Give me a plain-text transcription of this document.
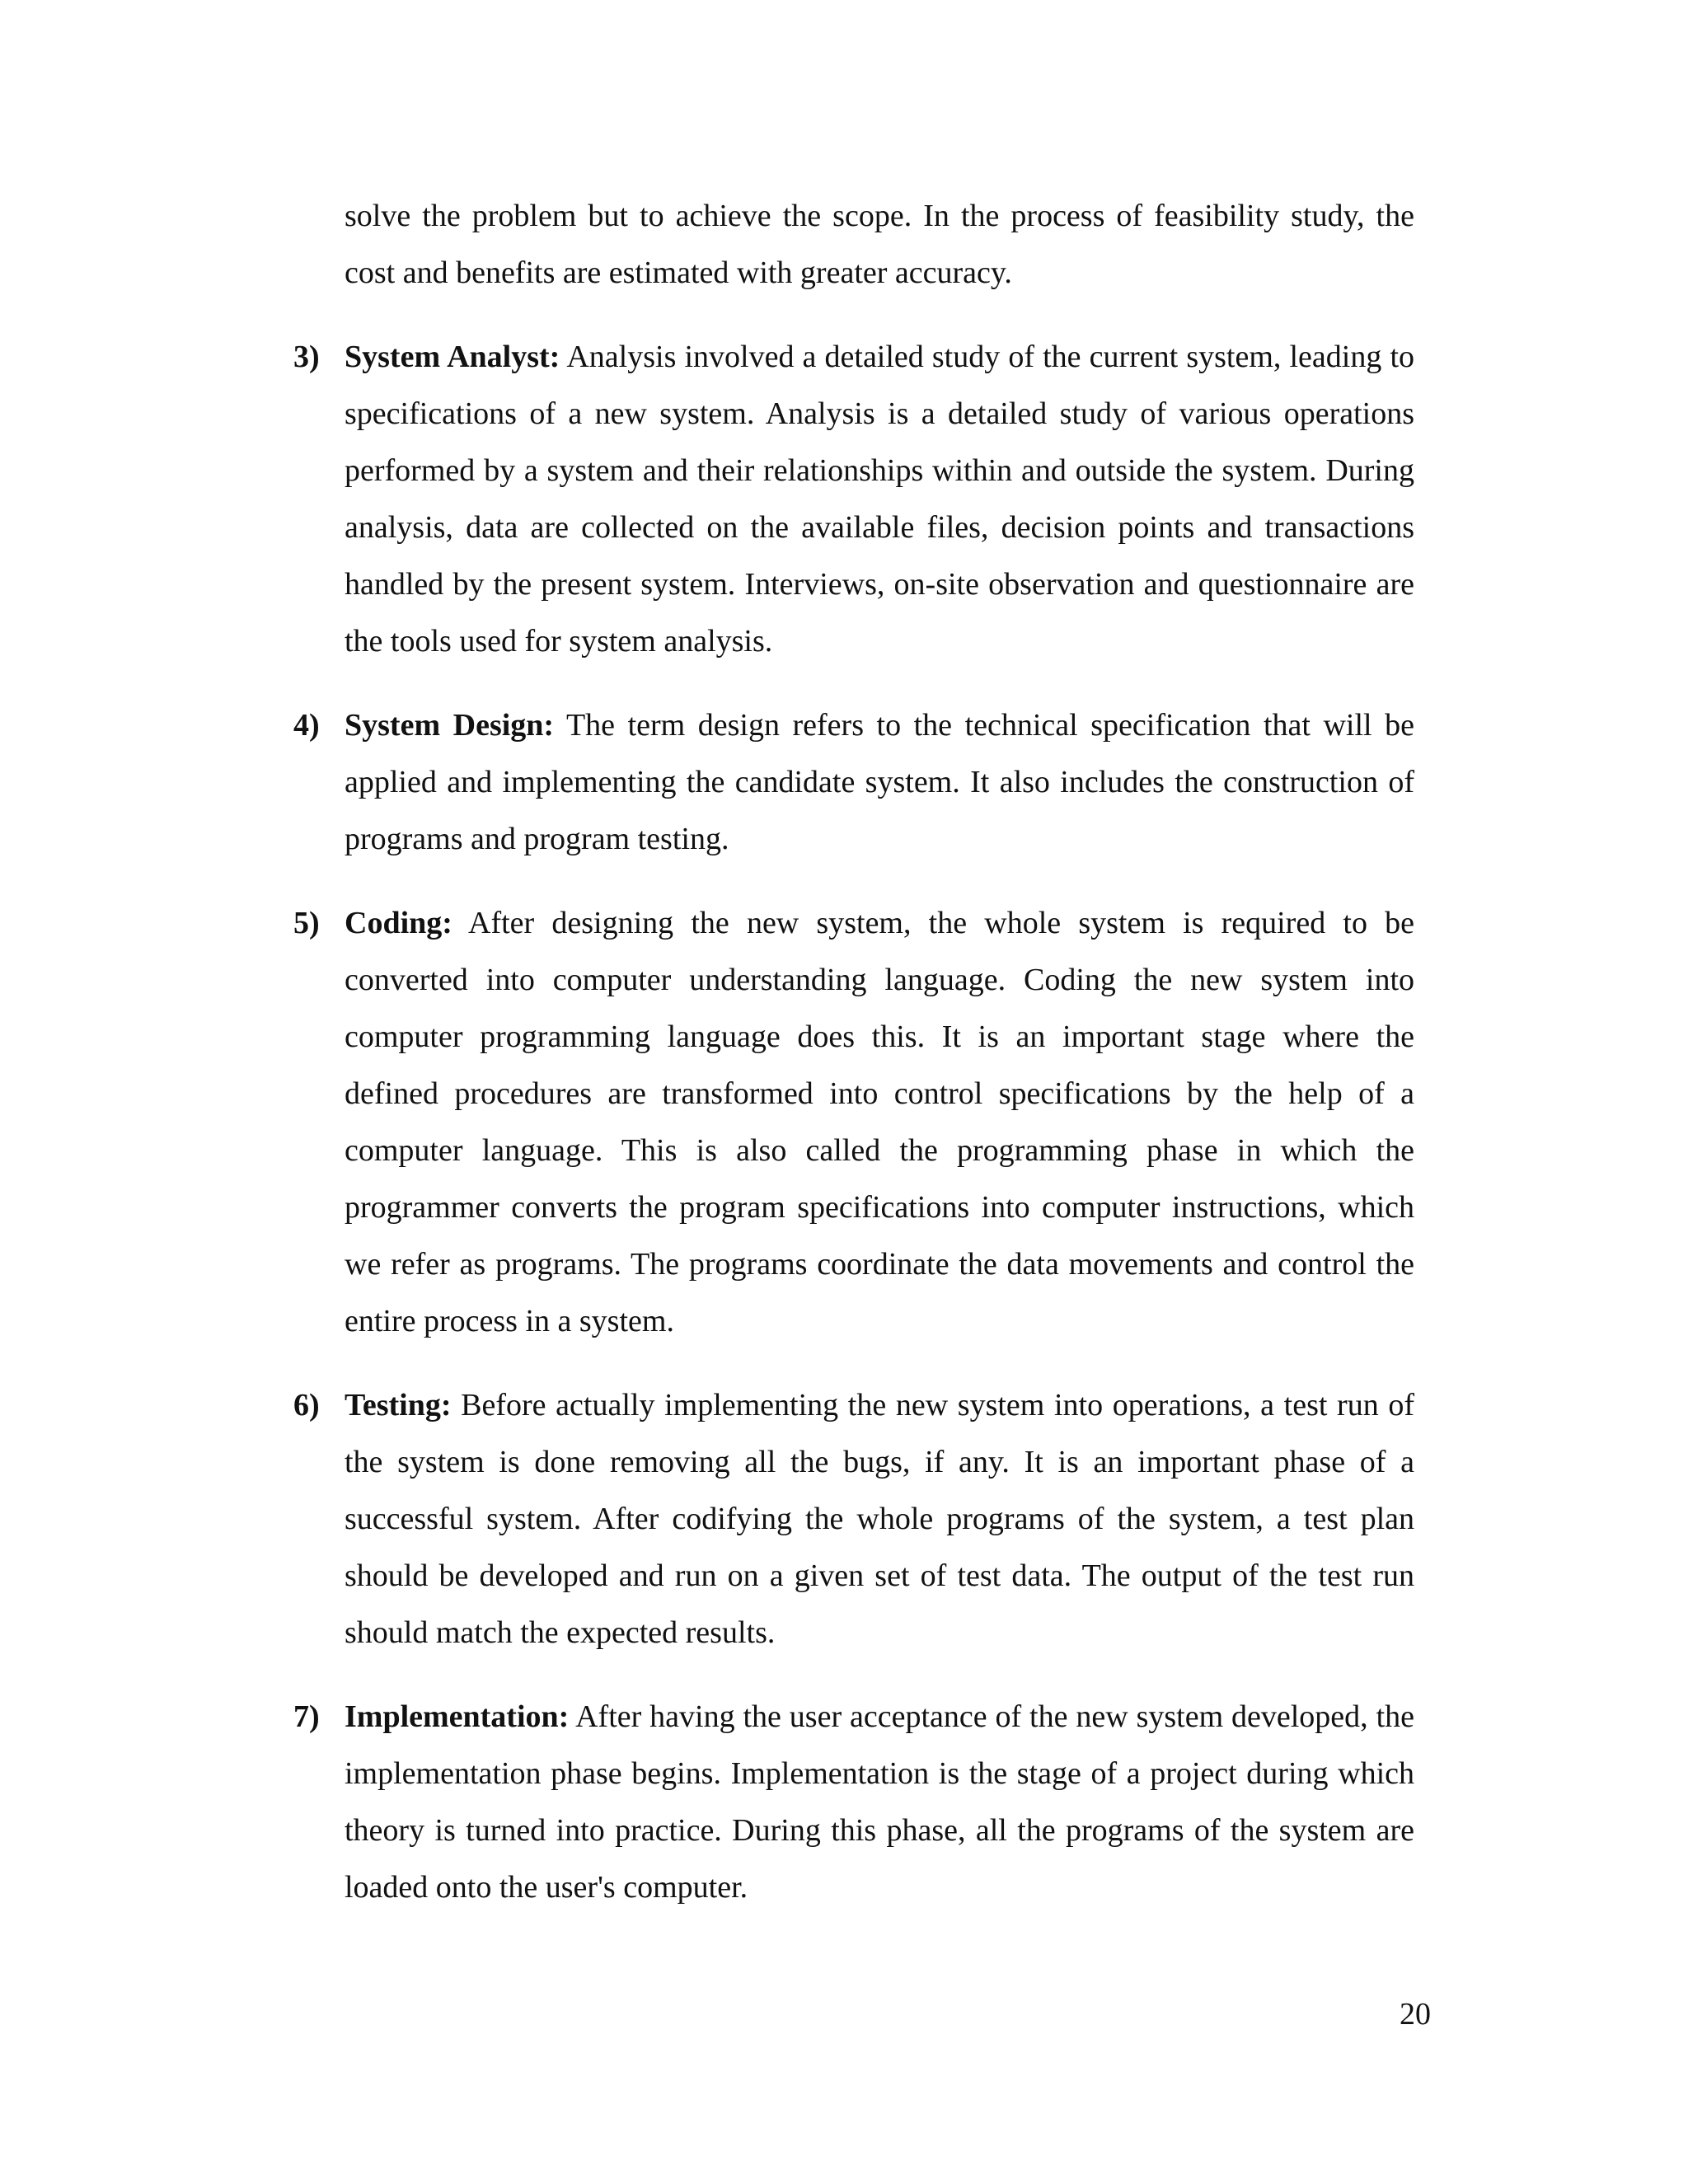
solve the problem but to achieve the scope. In the process of feasibility study, the cost and benefits are estimated with greater accuracy.

3) System Analyst: Analysis involved a detailed study of the current system, leading to specifications of a new system. Analysis is a detailed study of various operations performed by a system and their relationships within and outside the system. During analysis, data are collected on the available files, decision points and transactions handled by the present system. Interviews, on-site observation and questionnaire are the tools used for system analysis.
4) System Design: The term design refers to the technical specification that will be applied and implementing the candidate system. It also includes the construction of programs and program testing.
5) Coding: After designing the new system, the whole system is required to be converted into computer understanding language. Coding the new system into computer programming language does this. It is an important stage where the defined procedures are transformed into control specifications by the help of a computer language. This is also called the programming phase in which the programmer converts the program specifications into computer instructions, which we refer as programs. The programs coordinate the data movements and control the entire process in a system.
6) Testing: Before actually implementing the new system into operations, a test run of the system is done removing all the bugs, if any. It is an important phase of a successful system. After codifying the whole programs of the system, a test plan should be developed and run on a given set of test data. The output of the test run should match the expected results.
7) Implementation: After having the user acceptance of the new system developed, the implementation phase begins. Implementation is the stage of a project during which theory is turned into practice. During this phase, all the programs of the system are loaded onto the user's computer.
20
